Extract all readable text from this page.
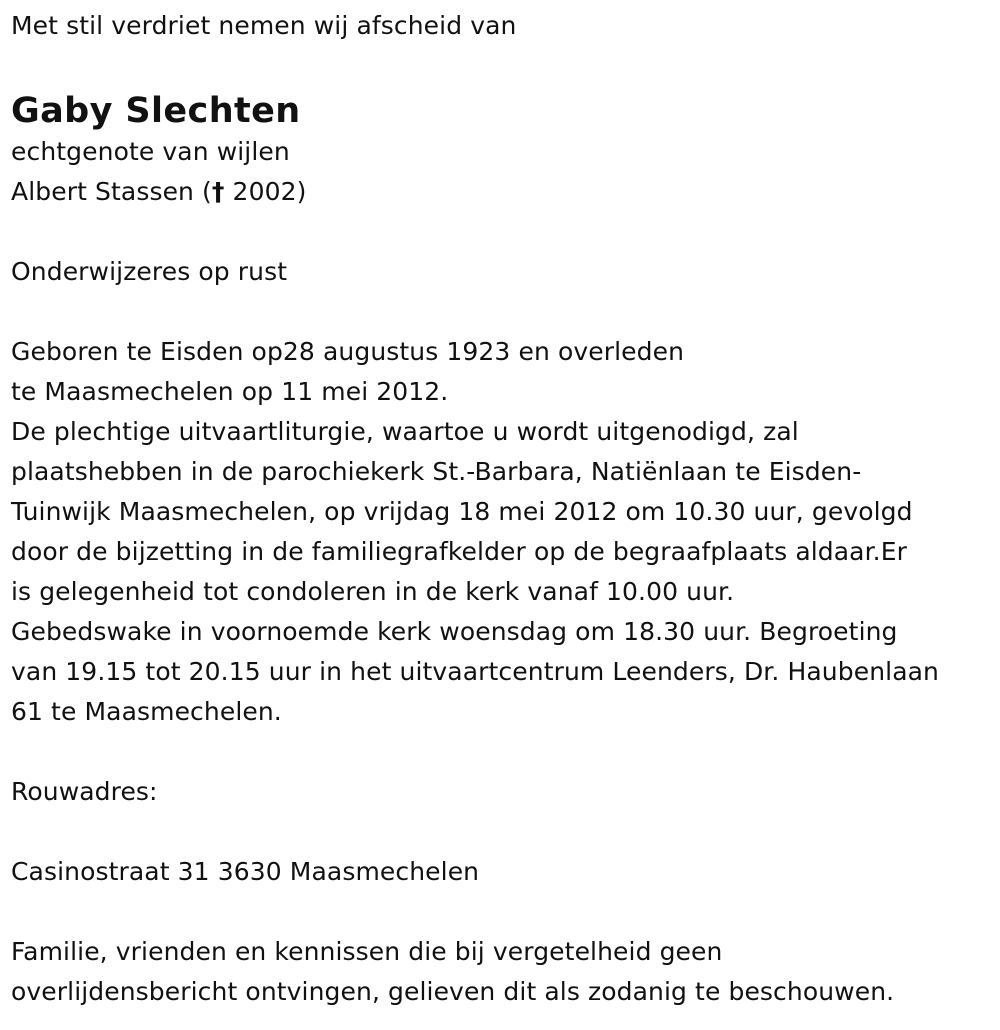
Met stil verdriet nemen wij afscheid van
Gaby Slechten
echtgenote van wijlen
Albert Stassen († 2002)
Onderwijzeres op rust
Geboren te Eisden op28 augustus 1923 en overleden
te Maasmechelen op 11 mei 2012.
De plechtige uitvaartliturgie, waartoe u wordt uitgenodigd, zal
plaatshebben in de parochiekerk St.-Barbara, Natiënlaan te Eisden-
Tuinwijk Maasmechelen, op vrijdag 18 mei 2012 om 10.30 uur, gevolgd
door de bijzetting in de familiegrafkelder op de begraafplaats aldaar.Er
is gelegenheid tot condoleren in de kerk vanaf 10.00 uur.
Gebedswake in voornoemde kerk woensdag om 18.30 uur. Begroeting
van 19.15 tot 20.15 uur in het uitvaartcentrum Leenders, Dr. Haubenlaan
61 te Maasmechelen.
Rouwadres:
Casinostraat 31 3630 Maasmechelen
Familie, vrienden en kennissen die bij vergetelheid geen
overlijdensbericht ontvingen, gelieven dit als zodanig te beschouwen.
